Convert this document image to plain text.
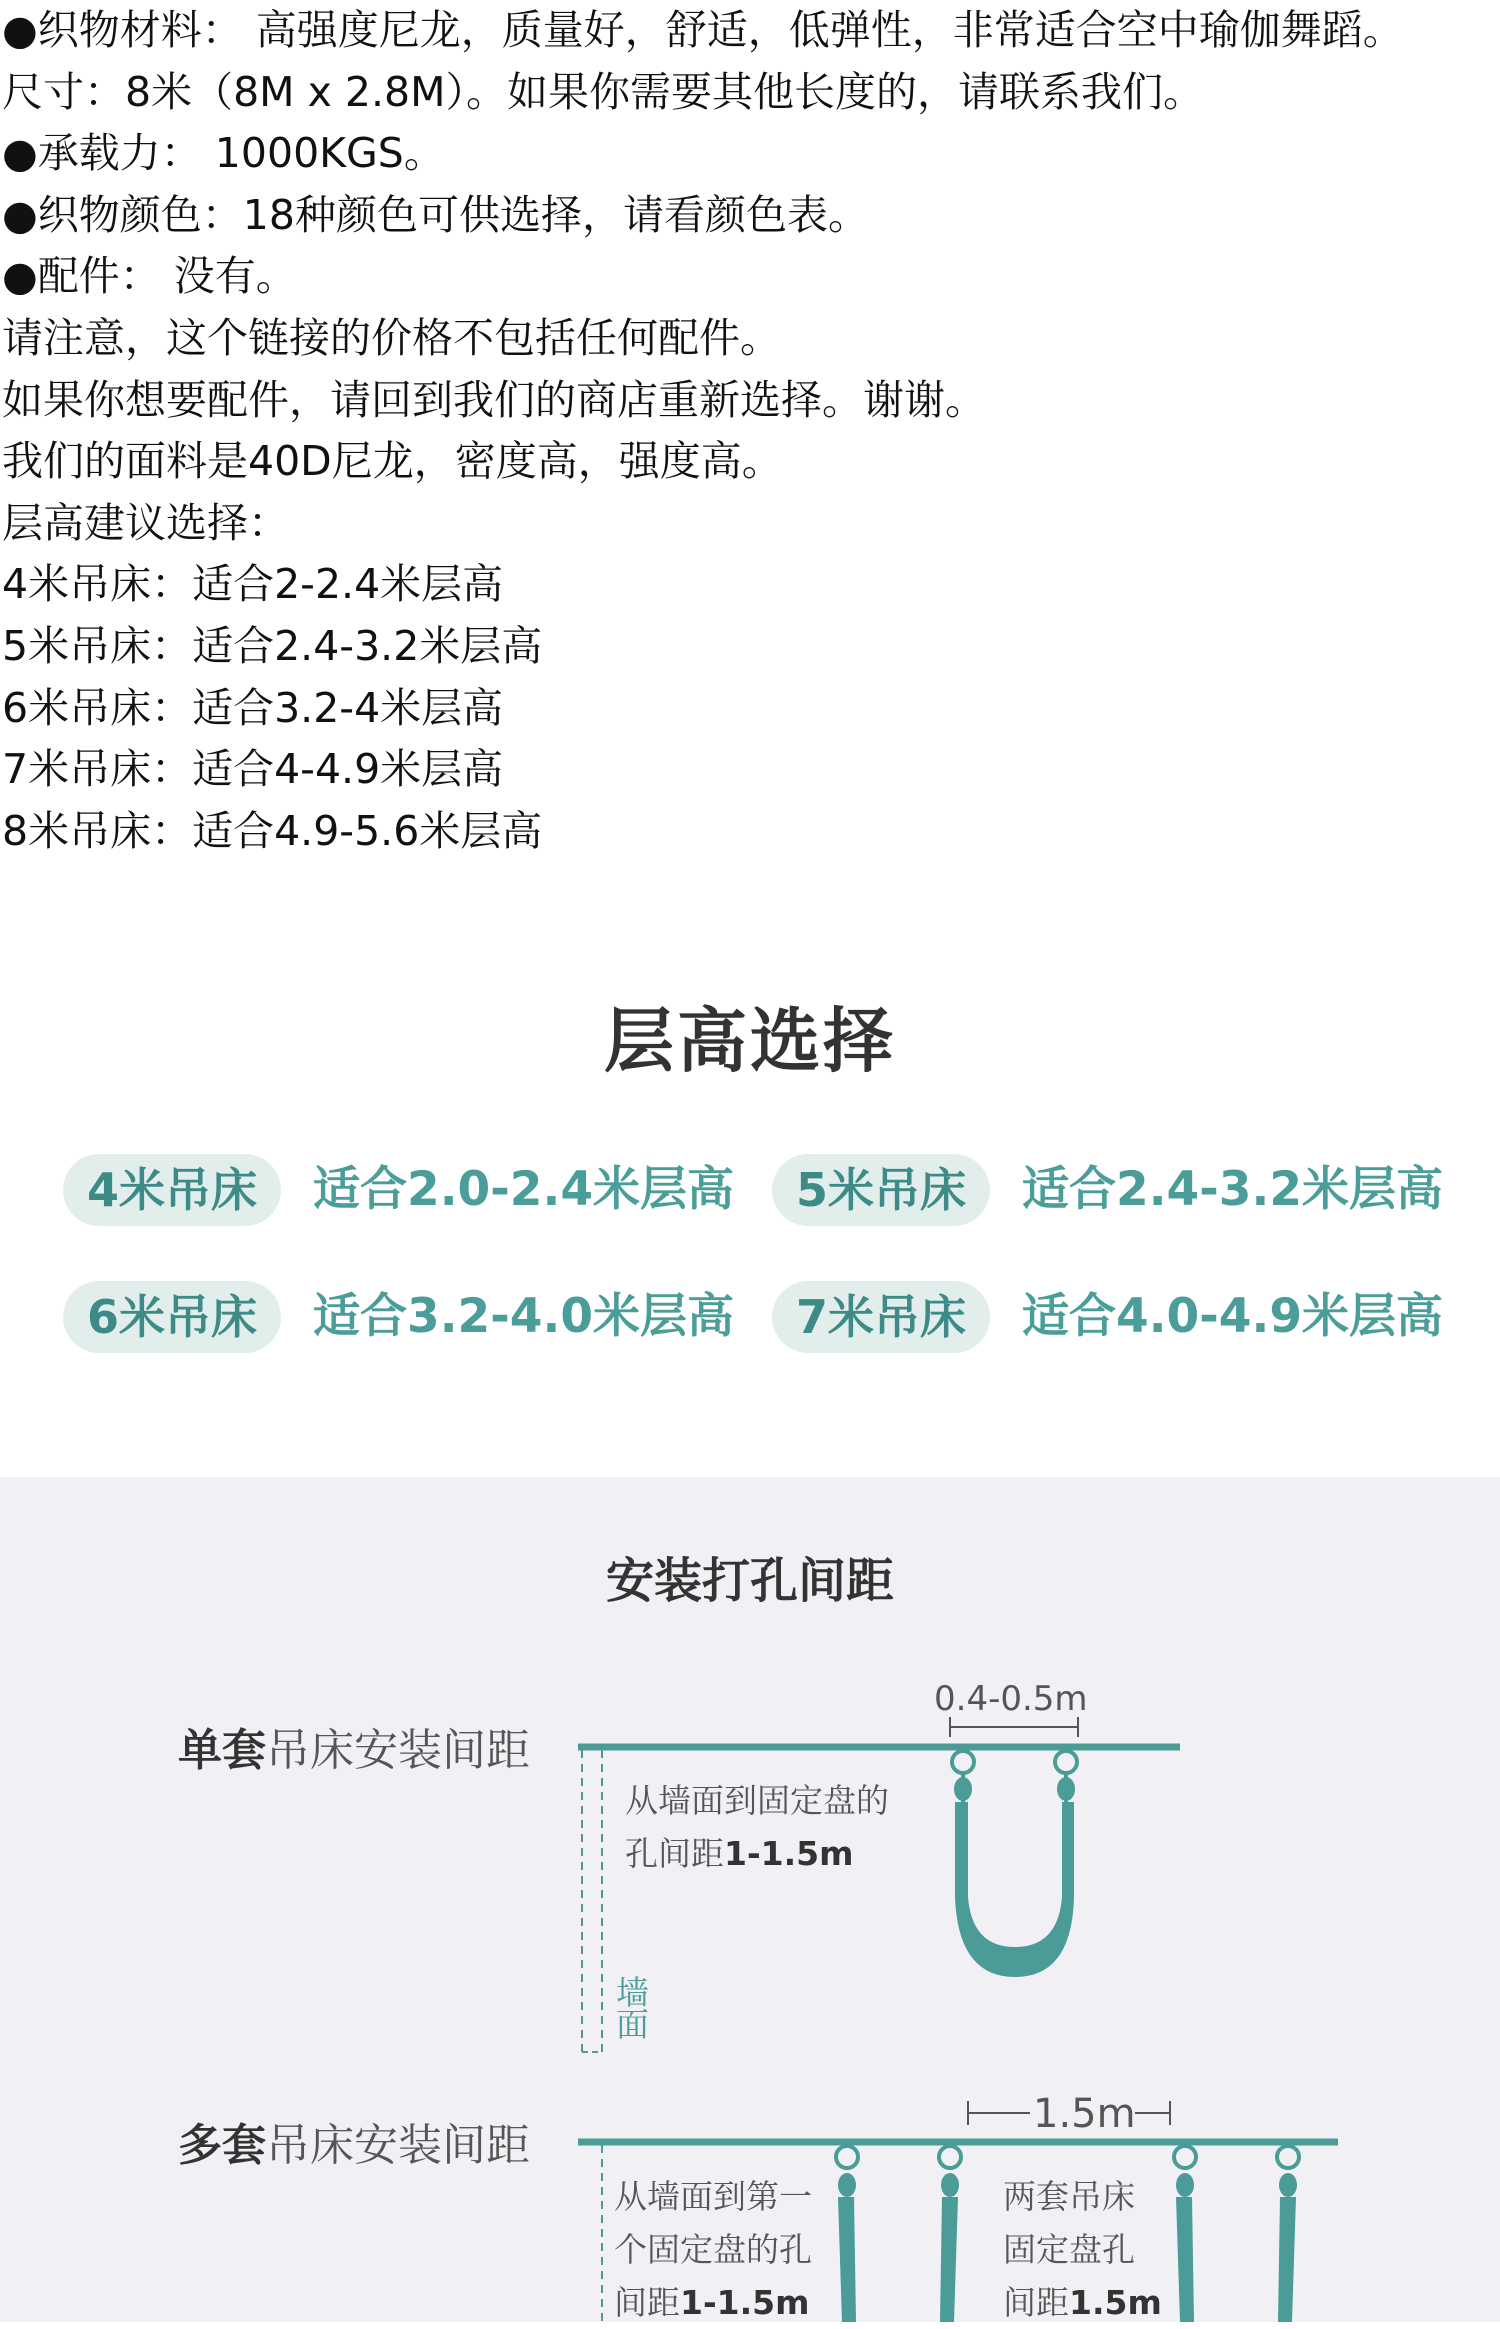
●织物材料： 高强度尼龙，质量好，舒适，低弹性，非常适合空中瑜伽舞蹈。

尺寸：8米（8M x 2.8M）。如果你需要其他长度的，请联系我们。

●承载力： 1000KGS。

●织物颜色：18种颜色可供选择，请看颜色表。

●配件： 没有。

请注意，这个链接的价格不包括任何配件。

如果你想要配件，请回到我们的商店重新选择。谢谢。

我们的面料是40D尼龙，密度高，强度高。

层高建议选择：

4米吊床：适合2-2.4米层高

5米吊床：适合2.4-3.2米层高

6米吊床：适合3.2-4米层高

7米吊床：适合4-4.9米层高

8米吊床：适合4.9-5.6米层高

层高选择
4米吊床	适合2.0-2.4米层高	5米吊床	适合2.4-3.2米层高
6米吊床	适合3.2-4.0米层高	7米吊床	适合4.0-4.9米层高
安装打孔间距
单套吊床安装间距
0.4-0.5m
从墙面到固定盘的
孔间距1-1.5m
墙
面
多套吊床安装间距
1.5m
从墙面到第一
个固定盘的孔
间距1-1.5m
两套吊床
固定盘孔
间距1.5m
